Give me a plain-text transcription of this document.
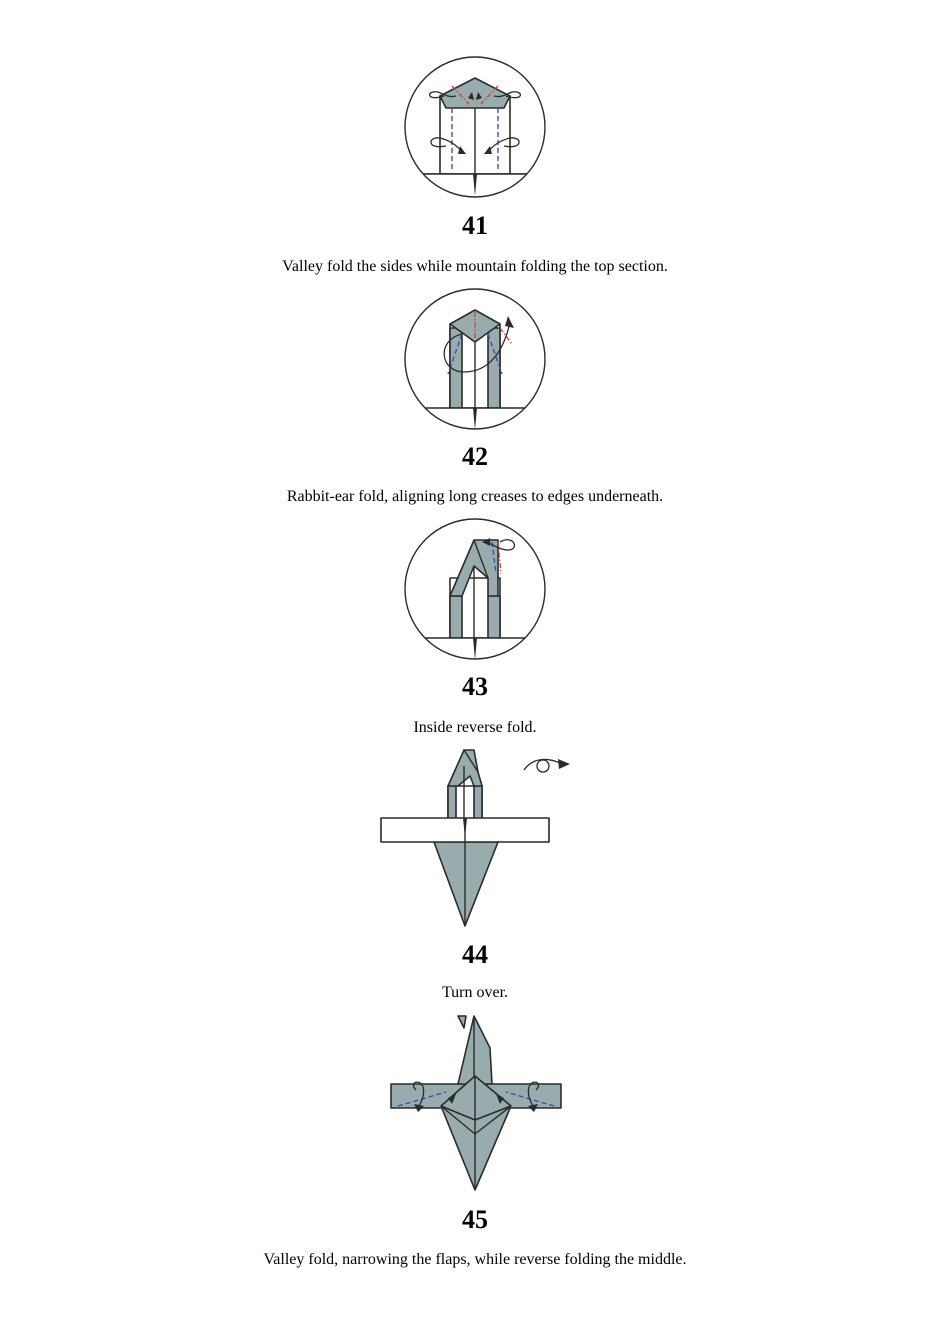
41
Valley fold the sides while mountain folding the top section.
42
Rabbit-ear fold, aligning long creases to edges underneath.
43
Inside reverse fold.
44
Turn over.
45
Valley fold, narrowing the flaps, while reverse folding the middle.
